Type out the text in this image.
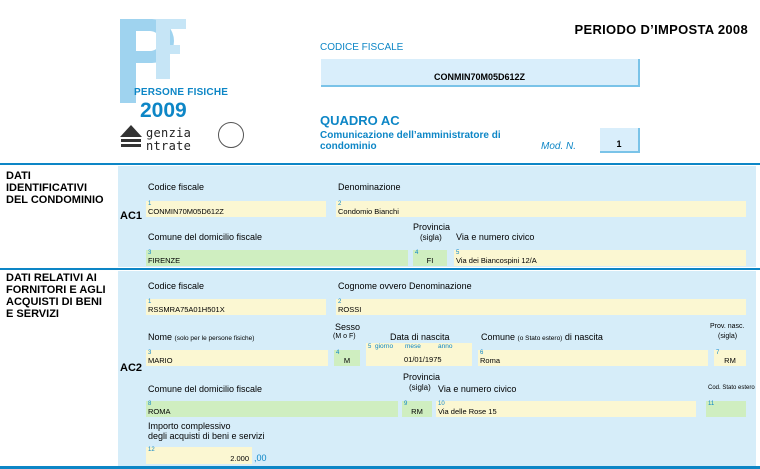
PERSONE FISICHE
2009
genzia
ntrate
PERIODO D’IMPOSTA 2008
CODICE FISCALE
CONMIN70M05D612Z
QUADRO AC
Comunicazione dell’amministratore di condominio	Mod. N.	1
DATI IDENTIFICATIVI DEL CONDOMINIO
DATI RELATIVI AI FORNITORI E AGLI ACQUISTI DI BENI E SERVIZI
AC1
Codice fiscale
1
CONMIN70M05D612Z
Denominazione
2
Condomio Bianchi
Comune del domicilio fiscale
3
FIRENZE
Provincia
(sigla)
4
FI
Via e numero civico
5
Via dei Biancospini 12/A
AC2
Codice fiscale
1
RSSMRA75A01H501X
Cognome ovvero Denominazione
2
ROSSI
Nome (solo per le persone fisiche)
3
MARIO
Sesso
(M o F)
4
M
Data di nascita
5 giorno mese	anno
01/01/1975
Comune (o Stato estero) di nascita
6
Roma
Prov. nasc.
(sigla)
7
RM
Comune del domicilio fiscale
8
ROMA
Provincia
(sigla)
9
RM
Via e numero civico
10
Via delle Rose 15
Cod. Stato estero
11
Importo complessivo
degli acquisti di beni e servizi
12
2.000 ,00
